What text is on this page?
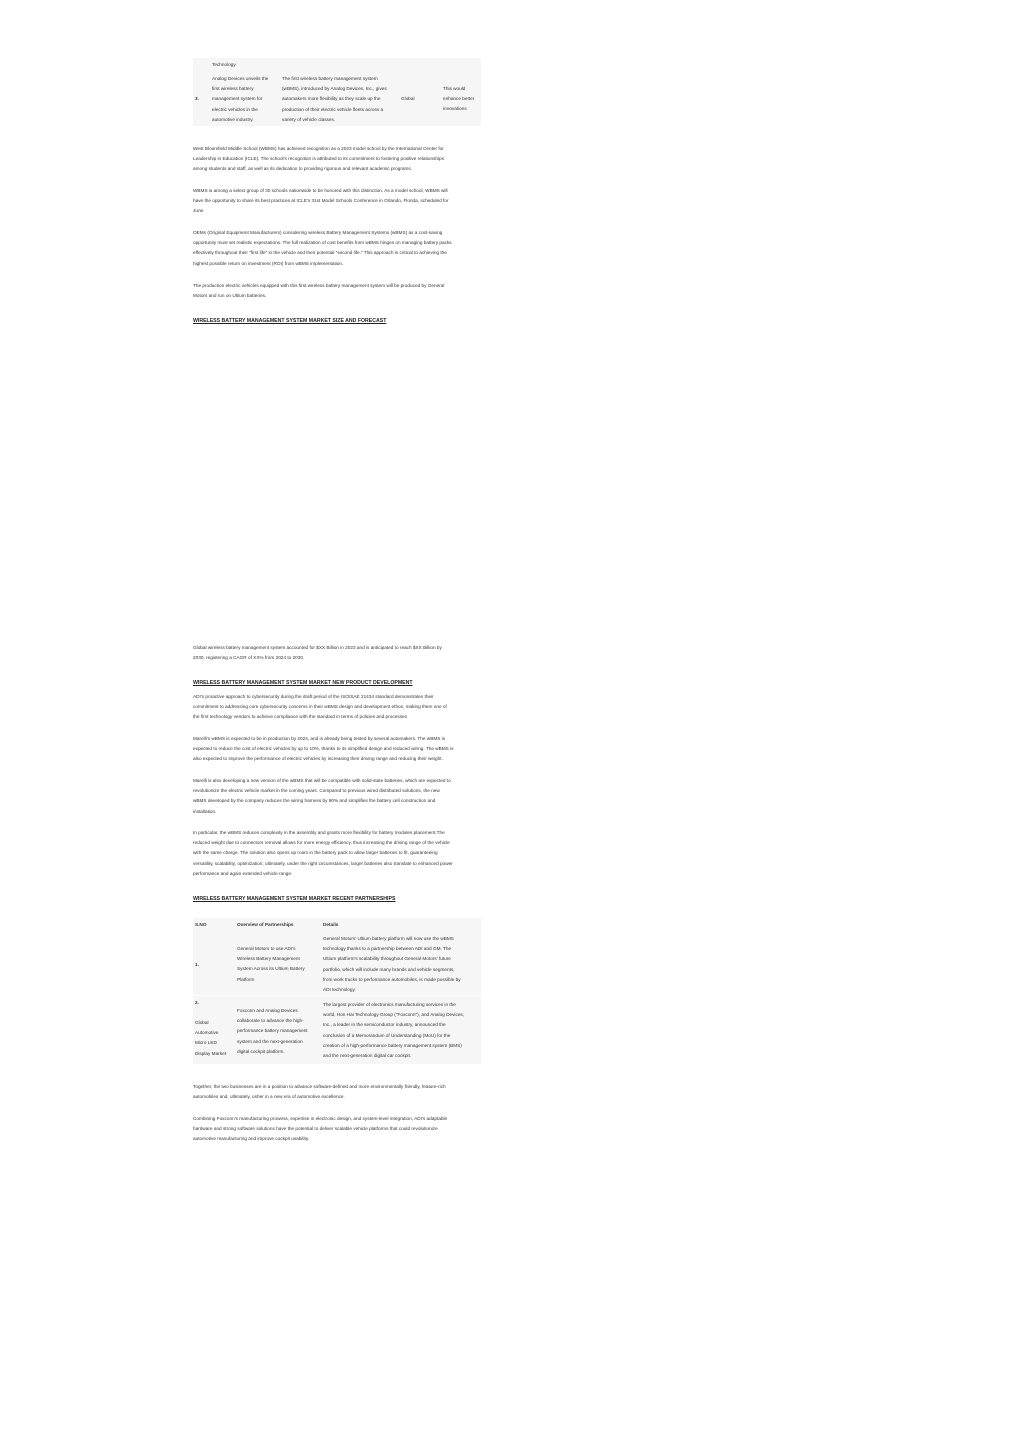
Technology.
3.

Analog Devices unveils the

first wireless battery

management system for

electric vehicles in the

automotive industry.

The first wireless battery management system

(wBMS), introduced by Analog Devices, Inc., gives

automakers more flexibility as they scale up the

production of their electric vehicle fleets across a

variety of vehicle classes.

Global

This would

enhance better

innovations

West Bloomfield Middle School (WBMS) has achieved recognition as a 2023 model school by the International Center for

Leadership in Education (ICLE). The school’s recognition is attributed to its commitment to fostering positive relationships

among students and staff, as well as its dedication to providing rigorous and relevant academic programs.

WBMS is among a select group of 30 schools nationwide to be honored with this distinction. As a model school, WBMS will

have the opportunity to share its best practices at ICLE’s 31st Model Schools Conference in Orlando, Florida, scheduled for

June.

OEMs (Original Equipment Manufacturers) considering wireless Battery Management Systems (wBMS) as a cost-saving

opportunity must set realistic expectations. The full realization of cost benefits from wBMS hinges on managing battery packs

effectively throughout their “first life” in the vehicle and their potential “second life.” This approach is critical to achieving the

highest possible return on investment (ROI) from wBMS implementation.

The production electric vehicles equipped with this first wireless battery management system will be produced by General

Motors and run on Ultium batteries.

WIRELESS BATTERY MANAGEMENT SYSTEM MARKET SIZE AND FORECAST

Global wireless battery management system accounted for $XX Billion in 2023 and is anticipated to reach $XX Billion by

2030, registering a CAGR of XX% from 2024 to 2030.

WIRELESS BATTERY MANAGEMENT SYSTEM MARKET NEW PRODUCT DEVELOPMENT

ADI’s proactive approach to cybersecurity during the draft period of the ISO/SAE 21434 standard demonstrates their

commitment to addressing core cybersecurity concerns in their wBMS design and development ethos, making them one of

the first technology vendors to achieve compliance with the standard in terms of policies and processes

Marelli’s wBMS is expected to be in production by 2024, and is already being tested by several automakers. The wBMS is

expected to reduce the cost of electric vehicles by up to 10%, thanks to its simplified design and reduced wiring. The wBMS is

also expected to improve the performance of electric vehicles by increasing their driving range and reducing their weight.

Marelli is also developing a new version of the wBMS that will be compatible with solid-state batteries, which are expected to

revolutionize the electric vehicle market in the coming years. Compared to previous wired distributed solutions, the new

wBMS developed by the company reduces the wiring harness by 90% and simplifies the battery cell construction and

installation.

In particular, the wBMS reduces complexity in the assembly and grants more flexibility for battery modules placement.The

reduced weight due to connectors removal allows for more energy efficiency, thus increasing the driving range of the vehicle

with the same charge. The solution also opens up room in the battery pack to allow larger batteries to fit, guaranteeing

versatility, scalability, optimization; ultimately, under the right circumstances, larger batteries also translate to enhanced power

performance and again extended vehicle range.

WIRELESS BATTERY MANAGEMENT SYSTEM MARKET RECENT PARTNERSHIPS
S.NO	Overview of Partnerships	Details
1.

General Motors to use ADI's

Wireless Battery Management

System Across its Ultium Battery

Platform

General Motors' Ultium battery platform will now use the wBMS

technology thanks to a partnership between ADI and GM. The

Ultium platform's scalability throughout General Motors' future

portfolio, which will include many brands and vehicle segments,

from work trucks to performance automobiles, is made possible by

ADI technology.

2.

Global

Automotive

Micro LED

Display Market

Foxconn and Analog Devices

collaborate to advance the high-

performance battery management

system and the next-generation

digital cockpit platform.

The largest provider of electronics manufacturing services in the

world, Hon Hai Technology Group ("Foxconn"), and Analog Devices,

Inc., a leader in the semiconductor industry, announced the

conclusion of a Memorandum of Understanding (MoU) for the

creation of a high-performance battery management system (BMS)

and the next-generation digital car cockpit.

Together, the two businesses are in a position to advance software-defined and more environmentally friendly, feature-rich

automobiles and, ultimately, usher in a new era of automotive excellence.

Combining Foxconn’s manufacturing prowess, expertise in electronic design, and system-level integration, ADI’s adaptable

hardware and strong software solutions have the potential to deliver scalable vehicle platforms that could revolutionize

automotive manufacturing and improve cockpit usability.
